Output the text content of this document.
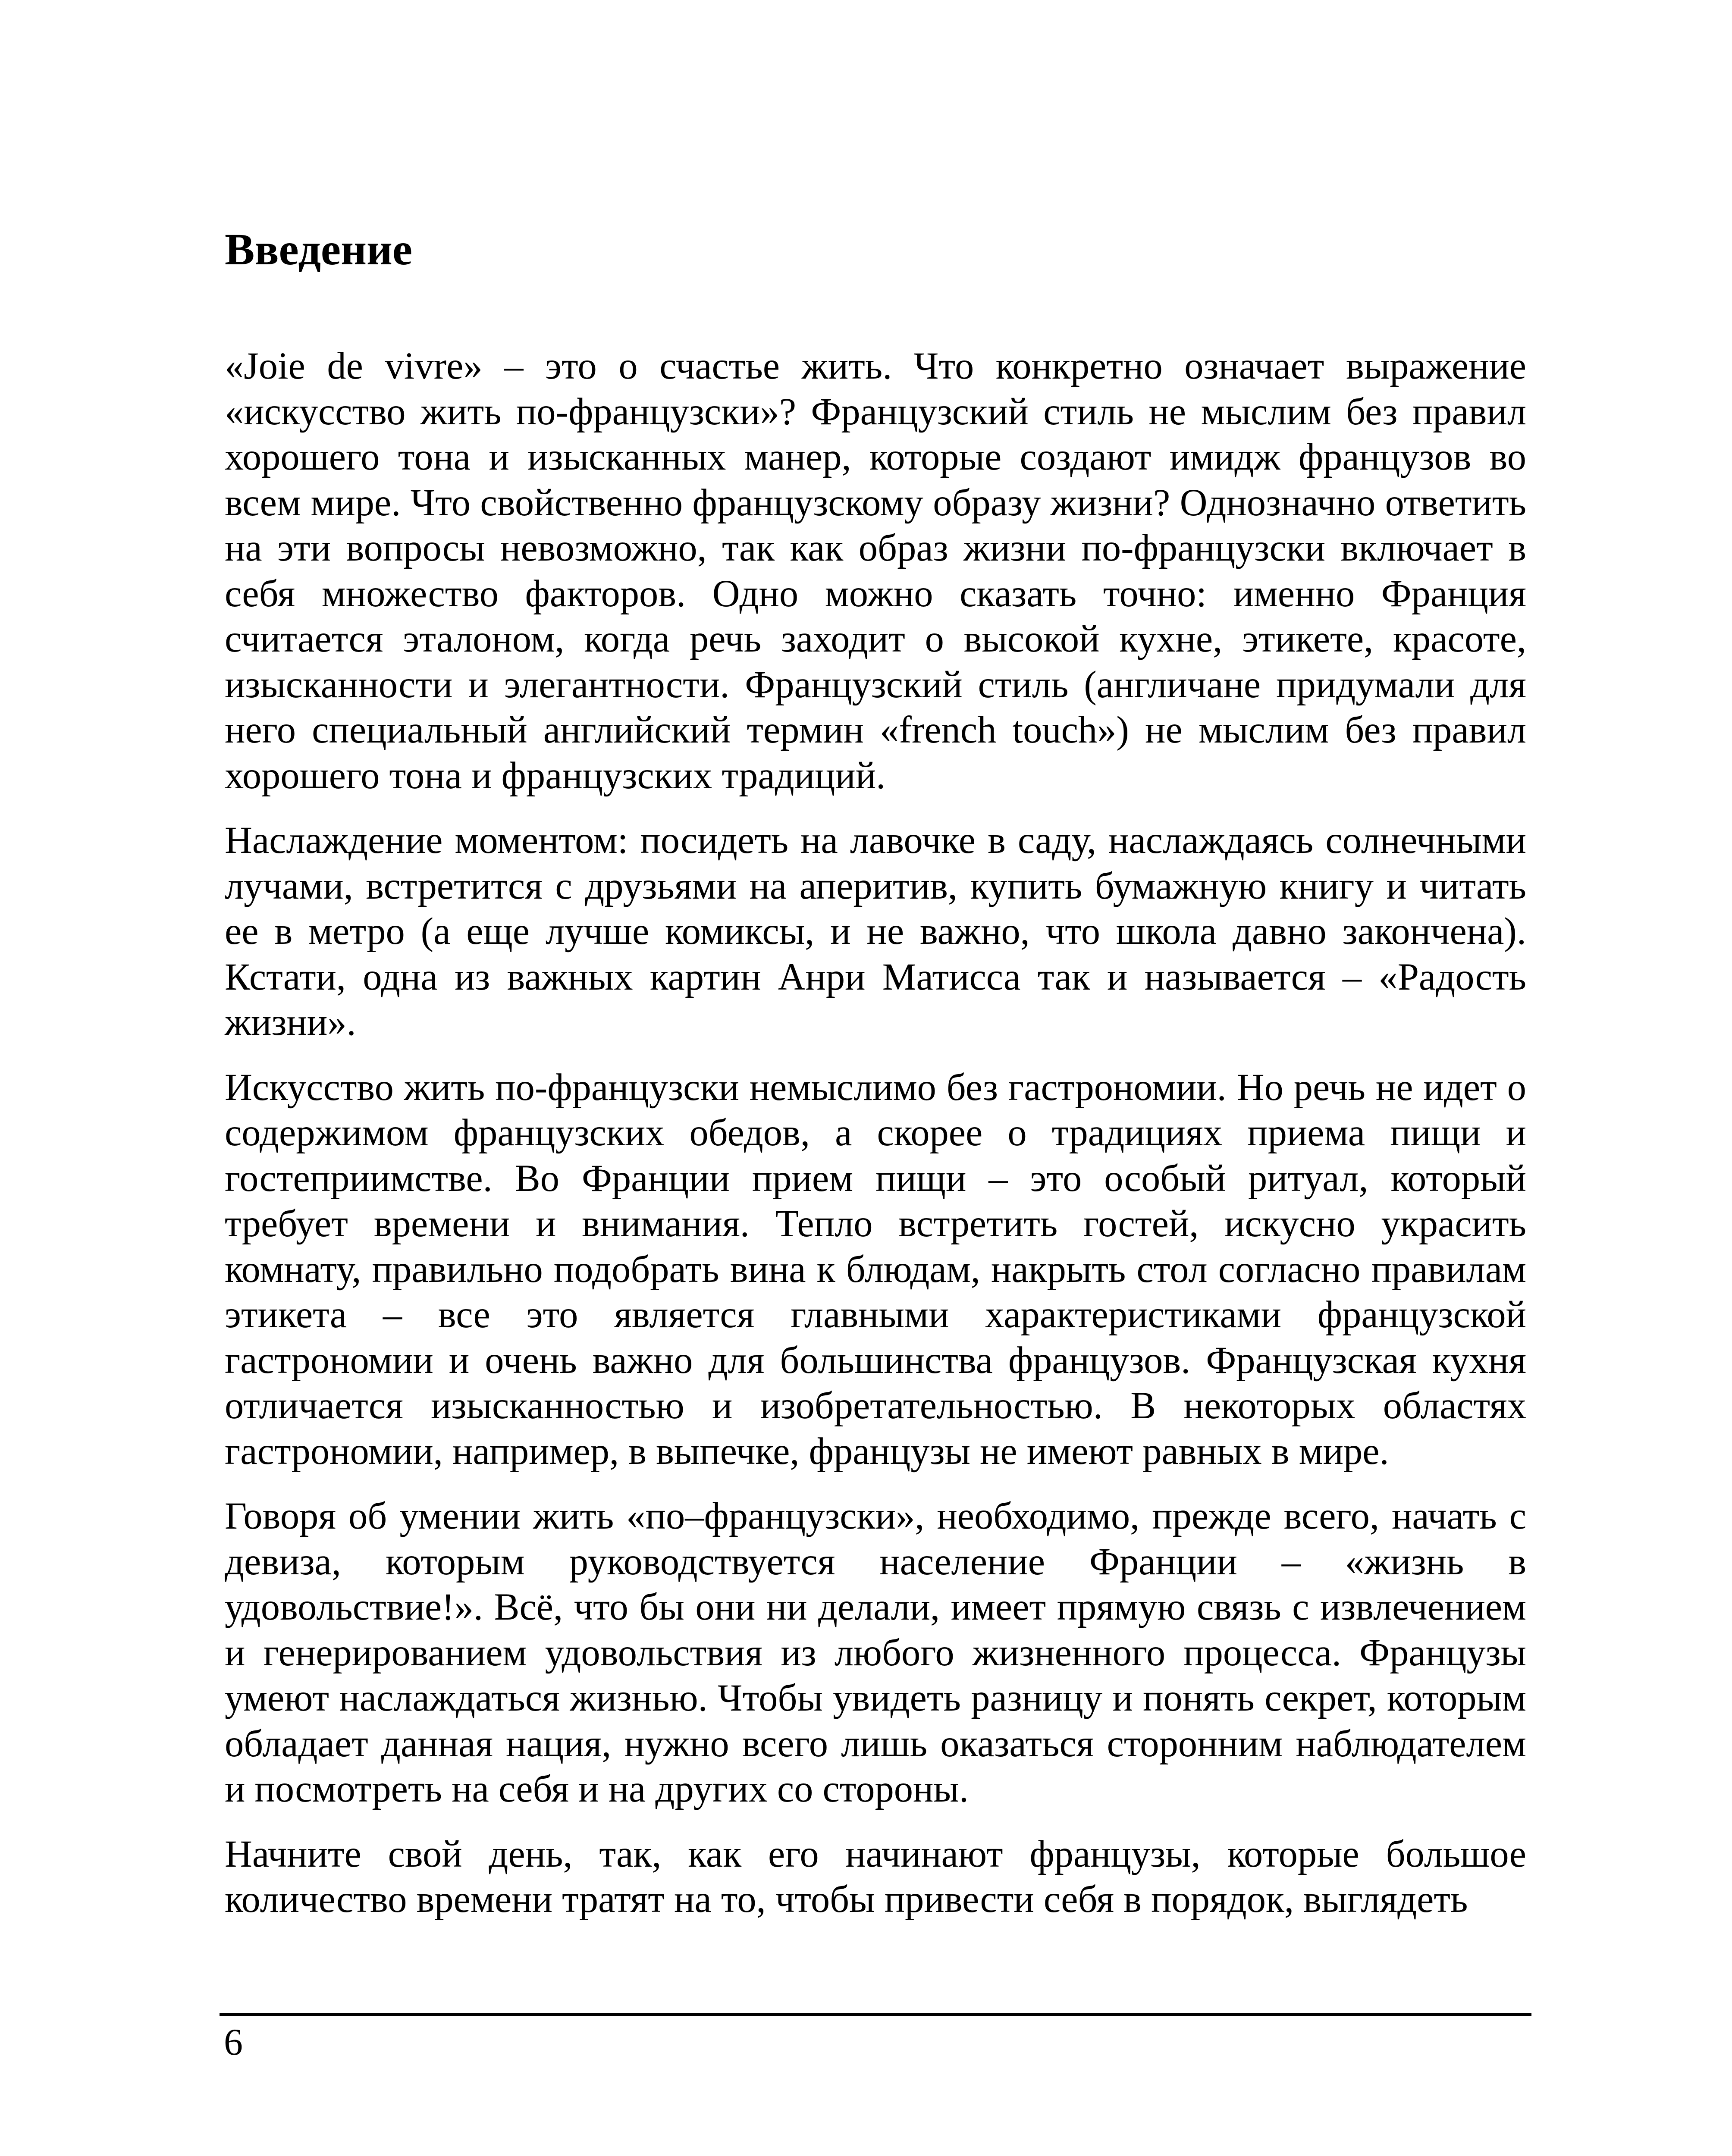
Введение

«Joie de vivre» – это о счастье жить. Что конкретно означает выражение «искусство жить по-французски»? Французский стиль не мыслим без правил хорошего тона и изысканных манер, которые создают имидж французов во всем мире. Что свойственно французскому образу жизни? Однозначно ответить на эти вопросы невозможно, так как образ жизни по-французски включает в себя множество факторов. Одно можно сказать точно: именно Франция считается эталоном, когда речь заходит о высокой кухне, этикете, красоте, изысканности и элегантности. Французский стиль (англичане придумали для него специальный английский термин «french touch») не мыслим без правил хорошего тона и французских традиций.

Наслаждение моментом: посидеть на лавочке в саду, наслаждаясь солнечными лучами, встретится с друзьями на аперитив, купить бумажную книгу и читать ее в метро (а еще лучше комиксы, и не важно, что школа давно закончена). Кстати, одна из важных картин Анри Матисса так и называется – «Радость жизни».

Искусство жить по-французски немыслимо без гастрономии. Но речь не идет о содержимом французских обедов, а скорее о традициях приема пищи и гостеприимстве. Во Франции прием пищи – это особый ритуал, который требует времени и внимания. Тепло встретить гостей, искусно украсить комнату, правильно подобрать вина к блюдам, накрыть стол согласно правилам этикета – все это является главными характеристиками французской гастрономии и очень важно для большинства французов. Французская кухня отличается изысканностью и изобретательностью. В некоторых областях гастрономии, например, в выпечке, французы не имеют равных в мире.

Говоря об умении жить «по–французски», необходимо, прежде всего, начать с девиза, которым руководствуется население Франции – «жизнь в удовольствие!». Всё, что бы они ни делали, имеет прямую связь с извлечением и генерированием удовольствия из любого жизненного процесса. Французы умеют наслаждаться жизнью. Чтобы увидеть разницу и понять секрет, которым обладает данная нация, нужно всего лишь оказаться сторонним наблюдателем и посмотреть на себя и на других со стороны.

Начните свой день, так, как его начинают французы, которые большое количество времени тратят на то, чтобы привести себя в порядок, выглядеть

6
